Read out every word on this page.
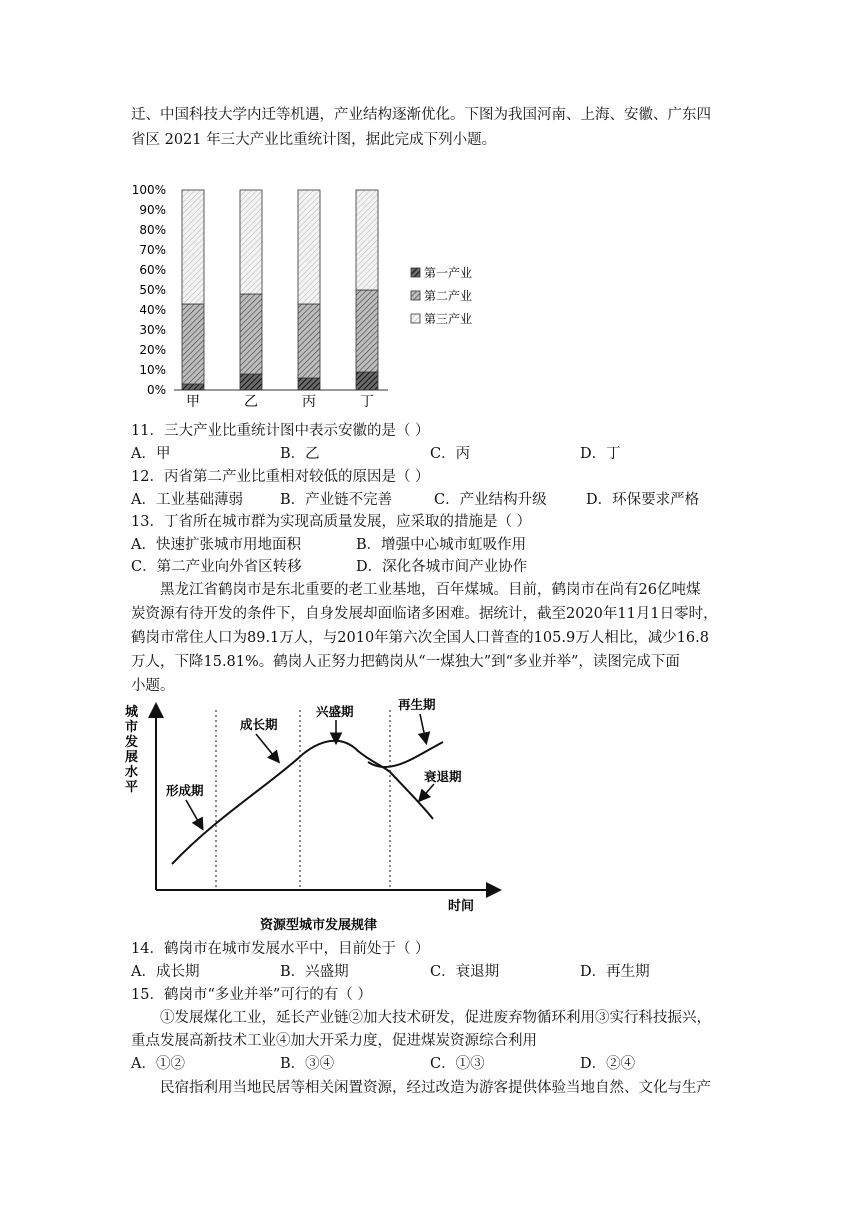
迁、中国科技大学内迁等机遇，产业结构逐渐优化。下图为我国河南、上海、安徽、广东四
省区 2021 年三大产业比重统计图，据此完成下列小题。
100%
90%
80%
70%
60%
50%
40%
30%
20%
10%
0%
甲	乙	丙	丁
第一产业
第二产业
第三产业
11．三大产业比重统计图中表示安徽的是（ ）
A．甲	B．乙	C．丙	D．丁
12．丙省第二产业比重相对较低的原因是（ ）
A．工业基础薄弱	B．产业链不完善	C．产业结构升级	D．环保要求严格
13．丁省所在城市群为实现高质量发展，应采取的措施是（ ）
A．快速扩张城市用地面积	B．增强中心城市虹吸作用
C．第二产业向外省区转移	D．深化各城市间产业协作
黑龙江省鹤岗市是东北重要的老工业基地，百年煤城。目前，鹤岗市在尚有26亿吨煤
炭资源有待开发的条件下，自身发展却面临诸多困难。据统计，截至2020年11月1日零时，
鹤岗市常住人口为89.1万人，与2010年第六次全国人口普查的105.9万人相比，减少16.8
万人，下降15.81%。鹤岗人正努力把鹤岗从“一煤独大”到“多业并举”，读图完成下面
小题。
城市发展水平 形成期
成长期
兴盛期	再生期
衰退期
时间
资源型城市发展规律
14．鹤岗市在城市发展水平中，目前处于（ ）
A．成长期	B．兴盛期	C．衰退期	D．再生期
15．鹤岗市“多业并举”可行的有（ ）
①发展煤化工业，延长产业链②加大技术研发，促进废弃物循环利用③实行科技振兴，
重点发展高新技术工业④加大开采力度，促进煤炭资源综合利用
A．①②	B．③④	C．①③	D．②④
民宿指利用当地民居等相关闲置资源，经过改造为游客提供体验当地自然、文化与生产
